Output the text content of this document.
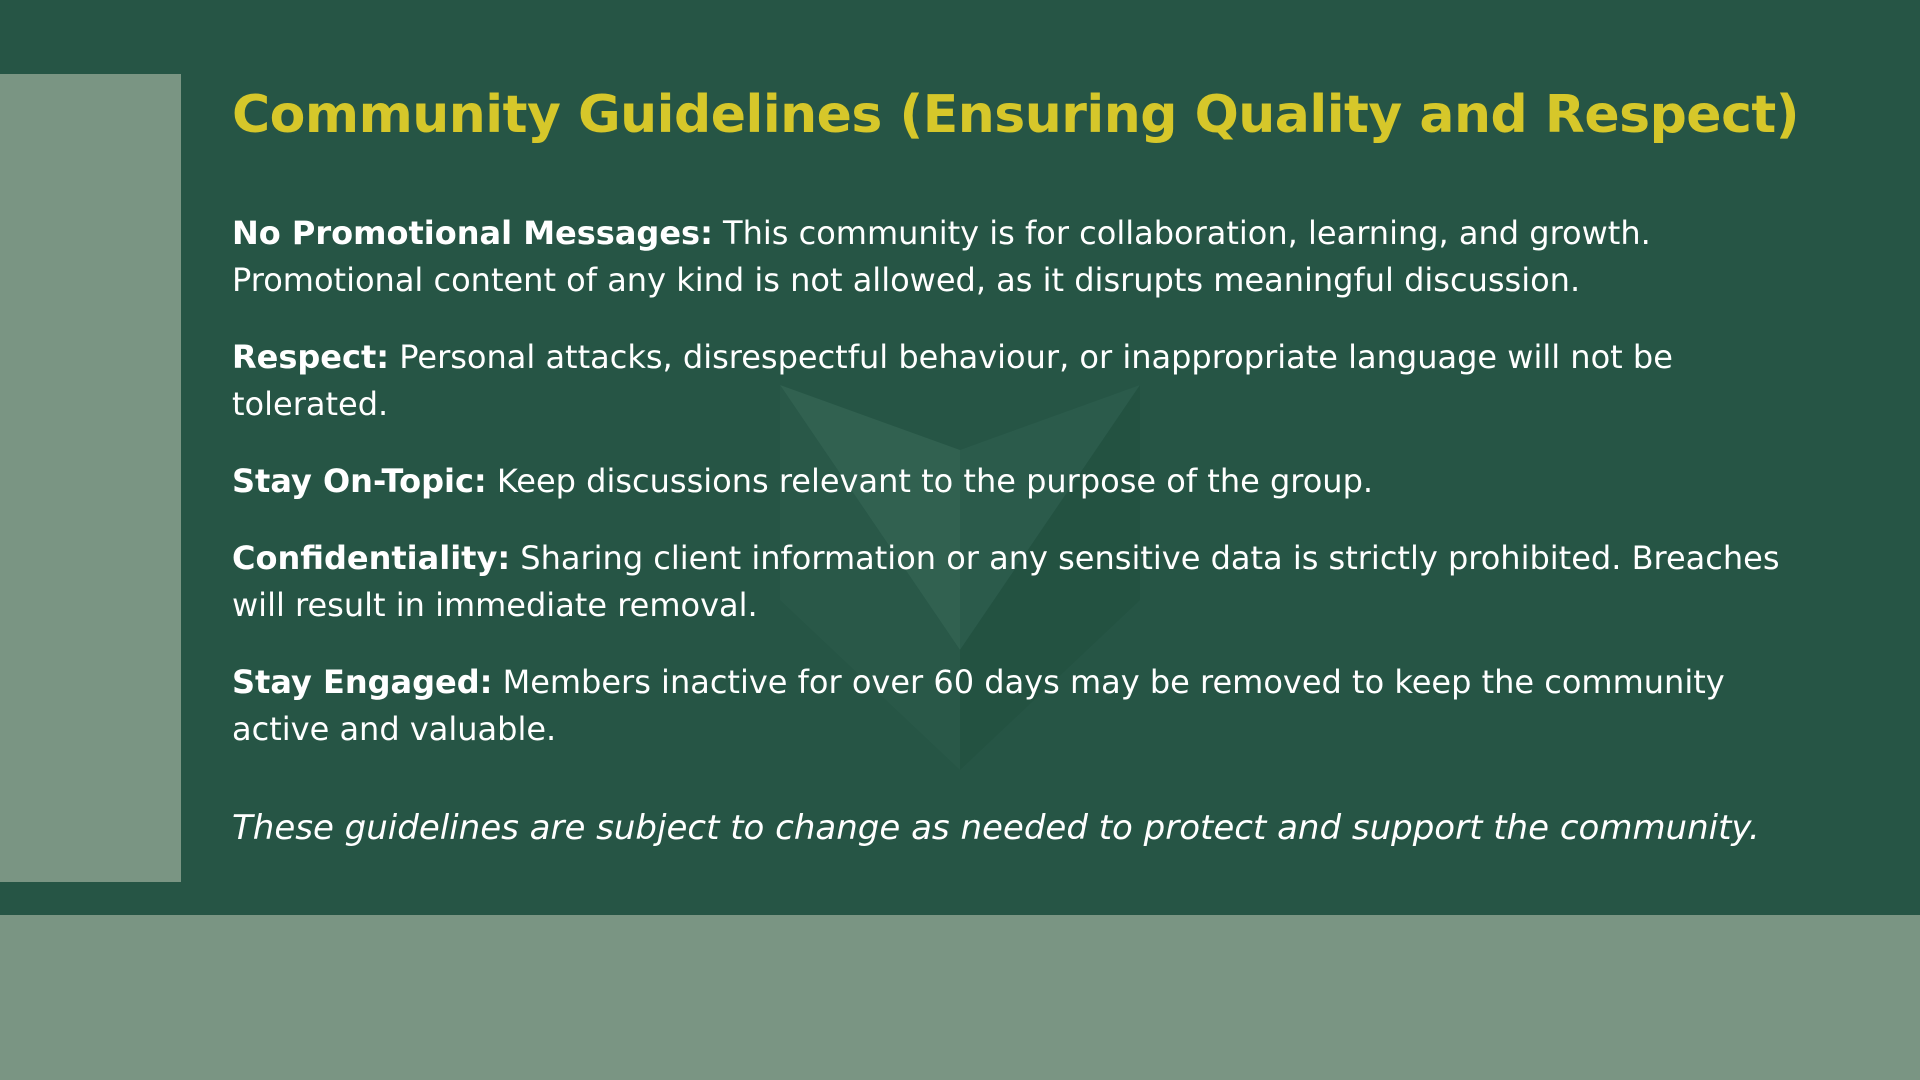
Community Guidelines (Ensuring Quality and Respect)

No Promotional Messages: This community is for collaboration, learning, and growth. Promotional content of any kind is not allowed, as it disrupts meaningful discussion.

Respect: Personal attacks, disrespectful behaviour, or inappropriate language will not be tolerated.

Stay On-Topic: Keep discussions relevant to the purpose of the group.

Confidentiality: Sharing client information or any sensitive data is strictly prohibited. Breaches will result in immediate removal.

Stay Engaged: Members inactive for over 60 days may be removed to keep the community active and valuable.

These guidelines are subject to change as needed to protect and support the community.
